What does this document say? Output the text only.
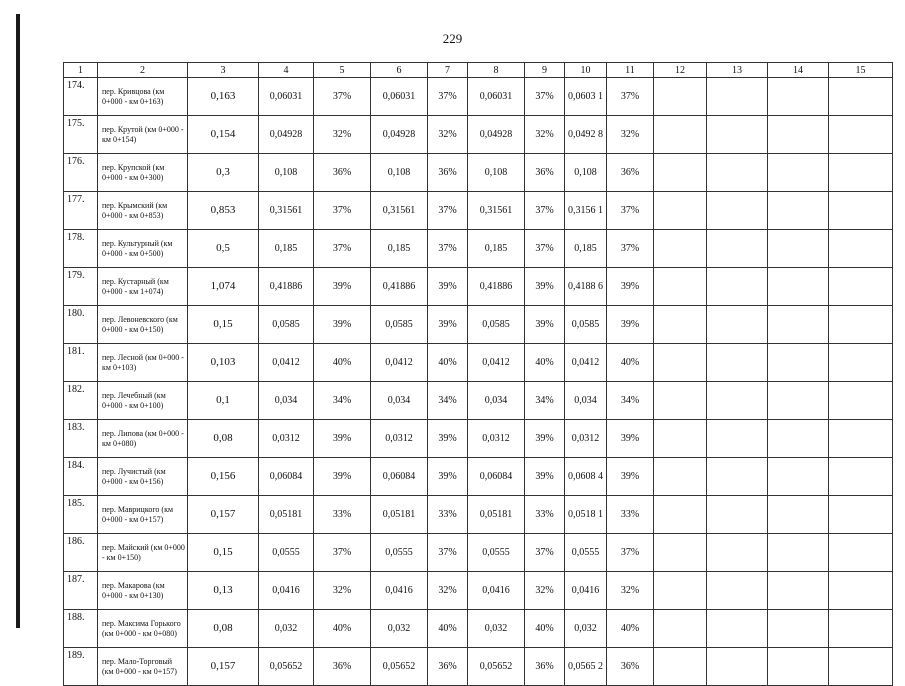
229
1	2	3	4	5	6	7	8	9	10	11	12	13	14	15
174.	пер. Кривцова (км 0+000 - км 0+163)	0,163	0,06031	37%	0,06031	37%	0,06031	37%	0,0603 1	37%				
175.	пер. Крутой (км 0+000 - км 0+154)	0,154	0,04928	32%	0,04928	32%	0,04928	32%	0,0492 8	32%				
176.	пер. Крупской (км 0+000 - км 0+300)	0,3	0,108	36%	0,108	36%	0,108	36%	0,108	36%				
177.	пер. Крымский (км 0+000 - км 0+853)	0,853	0,31561	37%	0,31561	37%	0,31561	37%	0,3156 1	37%				
178.	пер. Культурный (км 0+000 - км 0+500)	0,5	0,185	37%	0,185	37%	0,185	37%	0,185	37%				
179.	пер. Кустарный (км 0+000 - км 1+074)	1,074	0,41886	39%	0,41886	39%	0,41886	39%	0,4188 6	39%				
180.	пер. Левоневского (км 0+000 - км 0+150)	0,15	0,0585	39%	0,0585	39%	0,0585	39%	0,0585	39%				
181.	пер. Лесной (км 0+000 - км 0+103)	0,103	0,0412	40%	0,0412	40%	0,0412	40%	0,0412	40%				
182.	пер. Лечебный (км 0+000 - км 0+100)	0,1	0,034	34%	0,034	34%	0,034	34%	0,034	34%				
183.	пер. Липова (км 0+000 - км 0+080)	0,08	0,0312	39%	0,0312	39%	0,0312	39%	0,0312	39%				
184.	пер. Лучистый (км 0+000 - км 0+156)	0,156	0,06084	39%	0,06084	39%	0,06084	39%	0,0608 4	39%				
185.	пер. Маврицкого (км 0+000 - км 0+157)	0,157	0,05181	33%	0,05181	33%	0,05181	33%	0,0518 1	33%				
186.	пер. Майский (км 0+000 - км 0+150)	0,15	0,0555	37%	0,0555	37%	0,0555	37%	0,0555	37%				
187.	пер. Макарова (км 0+000 - км 0+130)	0,13	0,0416	32%	0,0416	32%	0,0416	32%	0,0416	32%				
188.	пер. Максима Горького (км 0+000 - км 0+080)	0,08	0,032	40%	0,032	40%	0,032	40%	0,032	40%				
189.	пер. Мало-Торговый (км 0+000 - км 0+157)	0,157	0,05652	36%	0,05652	36%	0,05652	36%	0,0565 2	36%				
